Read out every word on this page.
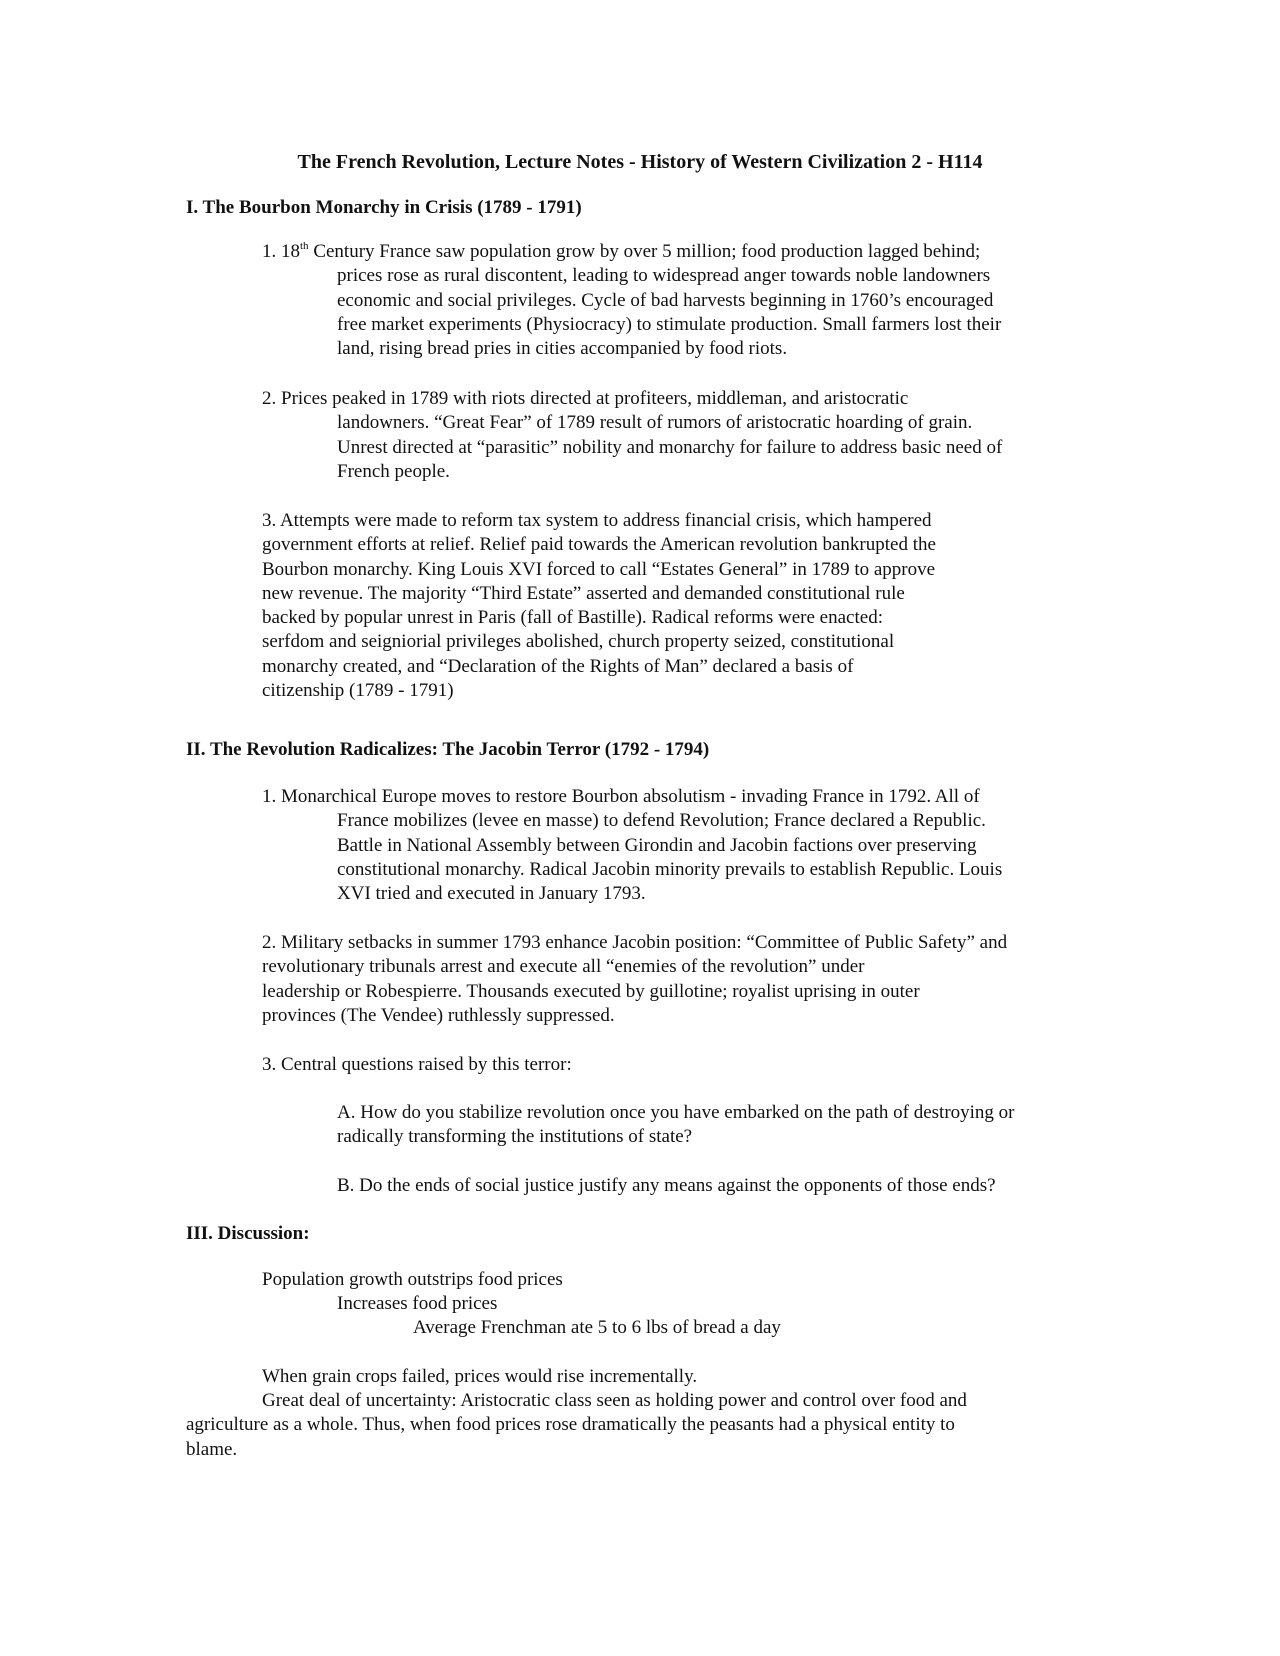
The French Revolution, Lecture Notes - History of Western Civilization 2 - H114
I. The Bourbon Monarchy in Crisis (1789 - 1791)
1. 18th Century France saw population grow by over 5 million; food production lagged behind;
prices rose as rural discontent, leading to widespread anger towards noble landowners
economic and social privileges. Cycle of bad harvests beginning in 1760’s encouraged
free market experiments (Physiocracy) to stimulate production. Small farmers lost their
land, rising bread pries in cities accompanied by food riots.
2. Prices peaked in 1789 with riots directed at profiteers, middleman, and aristocratic
landowners. “Great Fear” of 1789 result of rumors of aristocratic hoarding of grain.
Unrest directed at “parasitic” nobility and monarchy for failure to address basic need of
French people.
3. Attempts were made to reform tax system to address financial crisis, which hampered
government efforts at relief. Relief paid towards the American revolution bankrupted the
Bourbon monarchy. King Louis XVI forced to call “Estates General” in 1789 to approve
new revenue. The majority “Third Estate” asserted and demanded constitutional rule
backed by popular unrest in Paris (fall of Bastille). Radical reforms were enacted:
serfdom and seigniorial privileges abolished, church property seized, constitutional
monarchy created, and “Declaration of the Rights of Man” declared a basis of
citizenship (1789 - 1791)
II. The Revolution Radicalizes: The Jacobin Terror (1792 - 1794)
1. Monarchical Europe moves to restore Bourbon absolutism - invading France in 1792. All of
France mobilizes (levee en masse) to defend Revolution; France declared a Republic.
Battle in National Assembly between Girondin and Jacobin factions over preserving
constitutional monarchy. Radical Jacobin minority prevails to establish Republic. Louis
XVI tried and executed in January 1793.
2. Military setbacks in summer 1793 enhance Jacobin position: “Committee of Public Safety” and
revolutionary tribunals arrest and execute all “enemies of the revolution” under
leadership or Robespierre. Thousands executed by guillotine; royalist uprising in outer
provinces (The Vendee) ruthlessly suppressed.
3. Central questions raised by this terror:
A. How do you stabilize revolution once you have embarked on the path of destroying or
radically transforming the institutions of state?
B. Do the ends of social justice justify any means against the opponents of those ends?
III. Discussion:
Population growth outstrips food prices
Increases food prices
Average Frenchman ate 5 to 6 lbs of bread a day
When grain crops failed, prices would rise incrementally.
Great deal of uncertainty: Aristocratic class seen as holding power and control over food and
agriculture as a whole. Thus, when food prices rose dramatically the peasants had a physical entity to
blame.
